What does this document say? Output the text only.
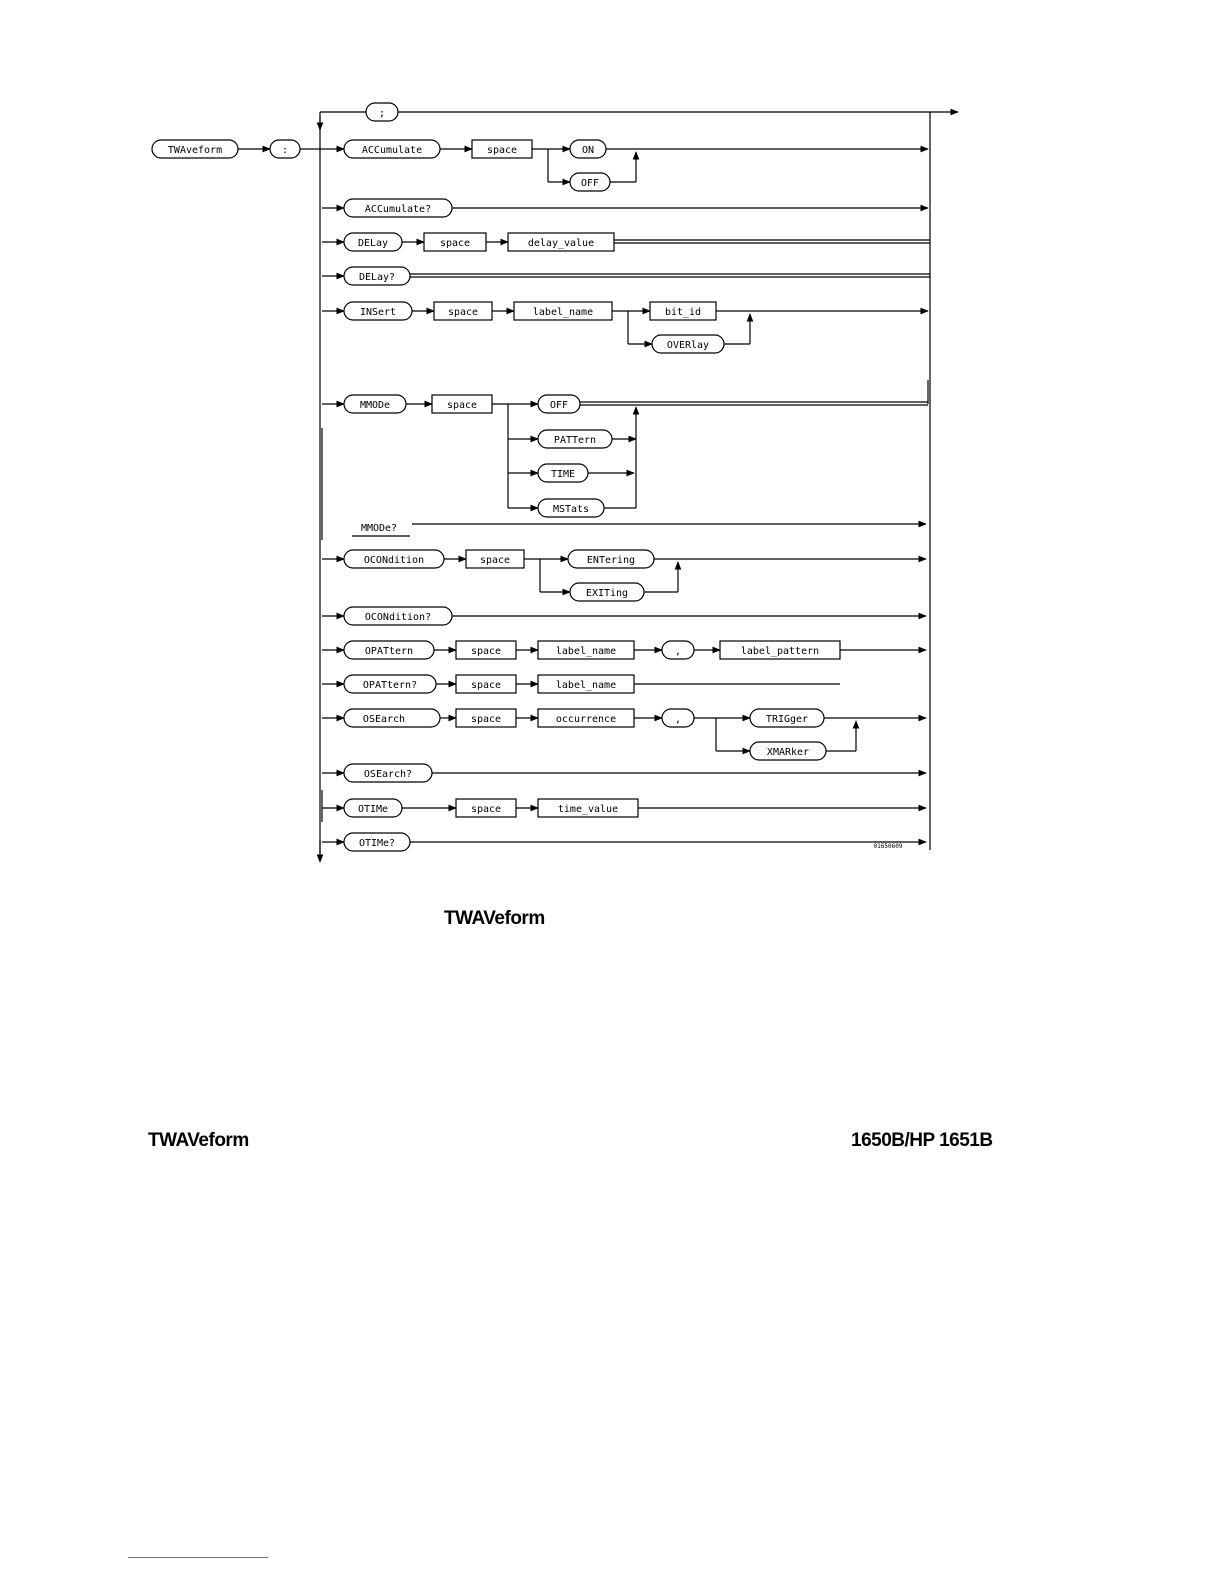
TWAveform	:
;
ACCumulate	space	ON
OFF
ACCumulate?
DELay	space	delay_value
DELay?
INSert	space	label_name	bit_id
OVERlay
MMODe	space	OFF
PATTern
TIME
MSTats
MMODe?
OCONdition	space	ENTering
EXITing
OCONdition?
OPATtern	space	label_name	,	label_pattern
OPATtern?	space	label_name
OSEarch	space	occurrence	,	TRIGger
XMARker
OSEarch?
OTIMe	space	time_value
OTIMe?	01650609
TWAVeform
TWAVeform	1650B/HP 1651B
